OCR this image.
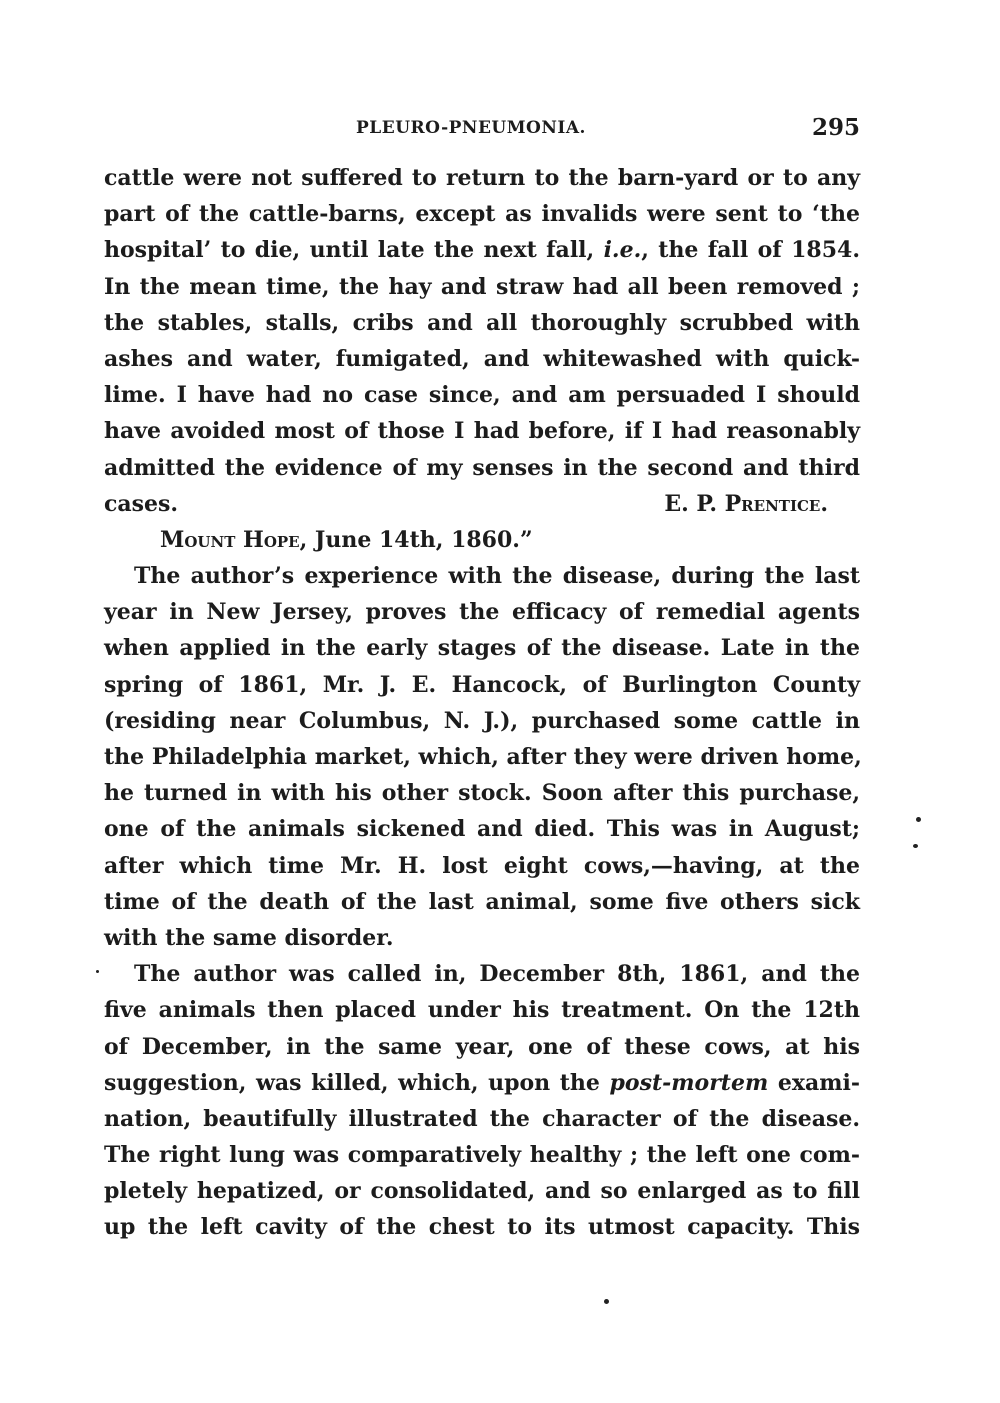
PLEURO-PNEUMONIA.	295
cattle were not suffered to return to the barn-yard or to any
part of the cattle-barns, except as invalids were sent to ‘the
hospital’ to die, until late the next fall, i.e., the fall of 1854.
In the mean time, the hay and straw had all been removed ;
the stables, stalls, cribs and all thoroughly scrubbed with
ashes and water, fumigated, and whitewashed with quick-
lime. I have had no case since, and am persuaded I should
have avoided most of those I had before, if I had reasonably
admitted the evidence of my senses in the second and third
cases.	E. P. Prentice.
Mount Hope, June 14th, 1860.”
The author’s experience with the disease, during the last
year in New Jersey, proves the efficacy of remedial agents
when applied in the early stages of the disease. Late in the
spring of 1861, Mr. J. E. Hancock, of Burlington County
(residing near Columbus, N. J.), purchased some cattle in
the Philadelphia market, which, after they were driven home,
he turned in with his other stock. Soon after this purchase,
one of the animals sickened and died. This was in August;
after which time Mr. H. lost eight cows,—having, at the
time of the death of the last animal, some five others sick
with the same disorder.
The author was called in, December 8th, 1861, and the
five animals then placed under his treatment. On the 12th
of December, in the same year, one of these cows, at his
suggestion, was killed, which, upon the post-mortem exami-
nation, beautifully illustrated the character of the disease.
The right lung was comparatively healthy ; the left one com-
pletely hepatized, or consolidated, and so enlarged as to fill
up the left cavity of the chest to its utmost capacity. This
